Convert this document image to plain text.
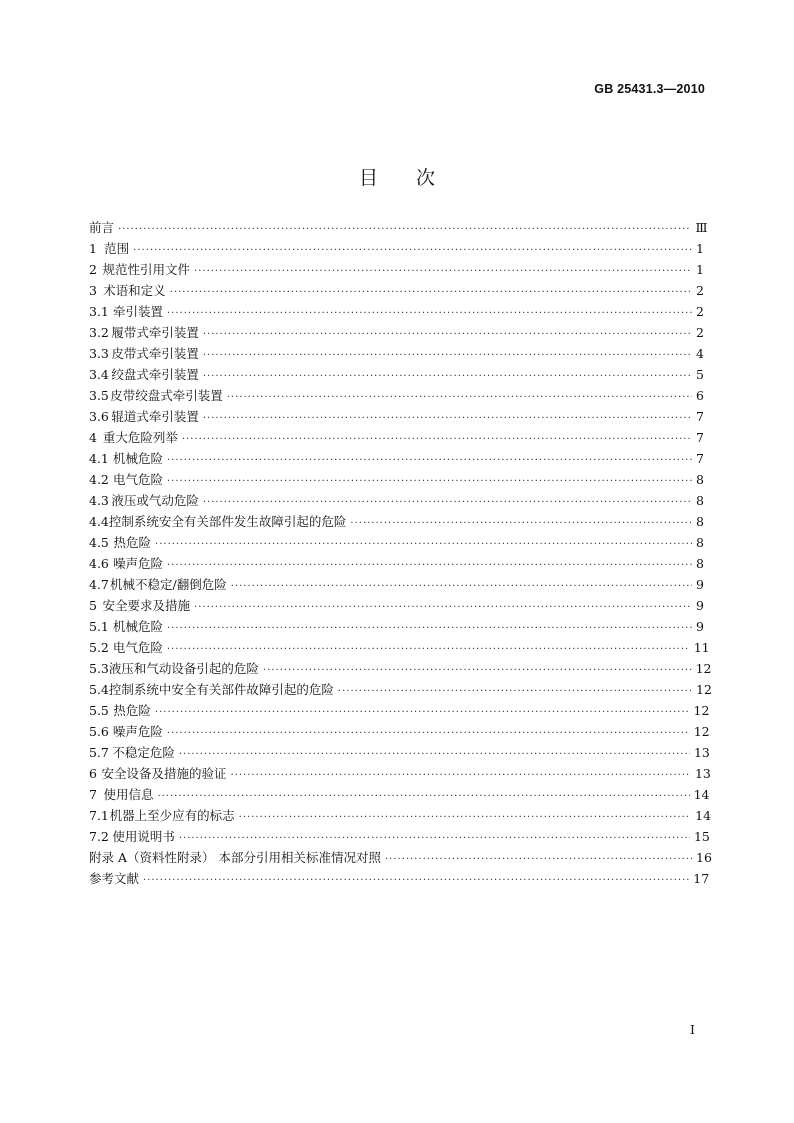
GB 25431.3—2010
目次
前言 ·····	Ⅲ
1 范围 ·····	1
2 规范性引用文件 ·····	1
3 术语和定义 ·····	2
3.1 牵引装置 ·····	2
3.2 履带式牵引装置 ·····	2
3.3 皮带式牵引装置 ·····	4
3.4 绞盘式牵引装置 ·····	5
3.5 皮带绞盘式牵引装置 ·····	6
3.6 辊道式牵引装置 ·····	7
4 重大危险列举 ·····	7
4.1 机械危险 ·····	7
4.2 电气危险 ·····	8
4.3 液压或气动危险 ·····	8
4.4 控制系统安全有关部件发生故障引起的危险 ·····	8
4.5 热危险 ·····	8
4.6 噪声危险 ·····	8
4.7 机械不稳定/翻倒危险 ·····	9
5 安全要求及措施 ·····	9
5.1 机械危险 ·····	9
5.2 电气危险 ·····	11
5.3 液压和气动设备引起的危险 ·····	12
5.4 控制系统中安全有关部件故障引起的危险 ·····	12
5.5 热危险 ·····	12
5.6 噪声危险 ·····	12
5.7 不稳定危险 ·····	13
6 安全设备及措施的验证 ·····	13
7 使用信息 ·····	14
7.1 机器上至少应有的标志 ·····	14
7.2 使用说明书 ·····	15
附录 A（资料性附录） 本部分引用相关标准情况对照 ·····	16
参考文献 ·····	17
Ⅰ
